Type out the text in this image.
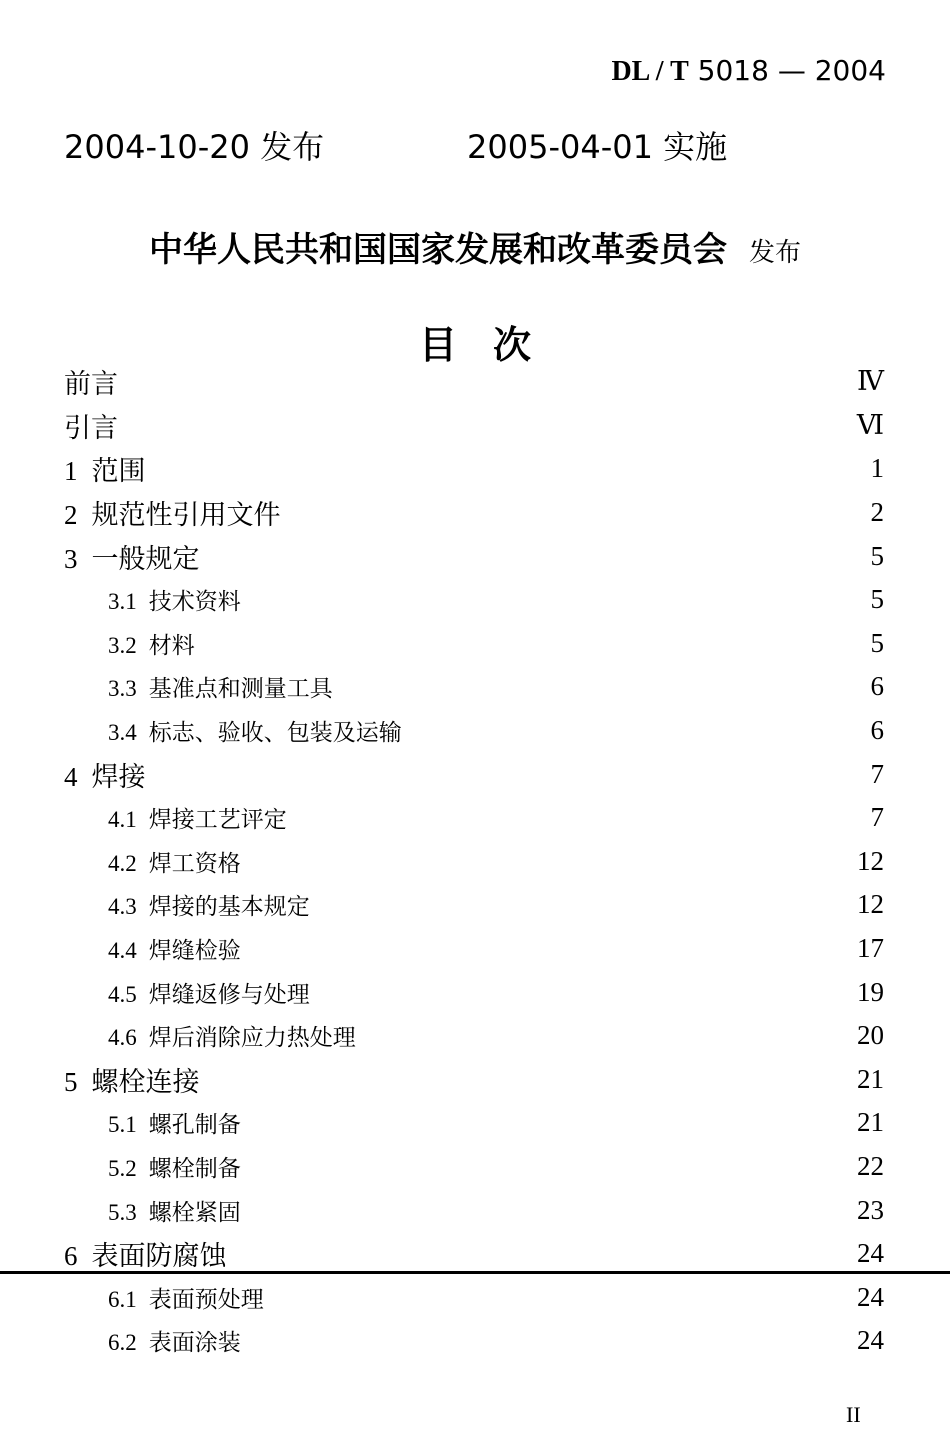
DL / T 5018 — 2004
2004-10-20 发布	2005-04-01 实施
中华人民共和国国家发展和改革委员会 发布
目次
前言	Ⅳ
引言	Ⅵ
1 范围	1
2 规范性引用文件	2
3 一般规定	5
3.1 技术资料	5
3.2 材料	5
3.3 基准点和测量工具	6
3.4 标志、验收、包装及运输	6
4 焊接	7
4.1 焊接工艺评定	7
4.2 焊工资格	12
4.3 焊接的基本规定	12
4.4 焊缝检验	17
4.5 焊缝返修与处理	19
4.6 焊后消除应力热处理	20
5 螺栓连接	21
5.1 螺孔制备	21
5.2 螺栓制备	22
5.3 螺栓紧固	23
6 表面防腐蚀	24
6.1 表面预处理	24
6.2 表面涂装	24
II
